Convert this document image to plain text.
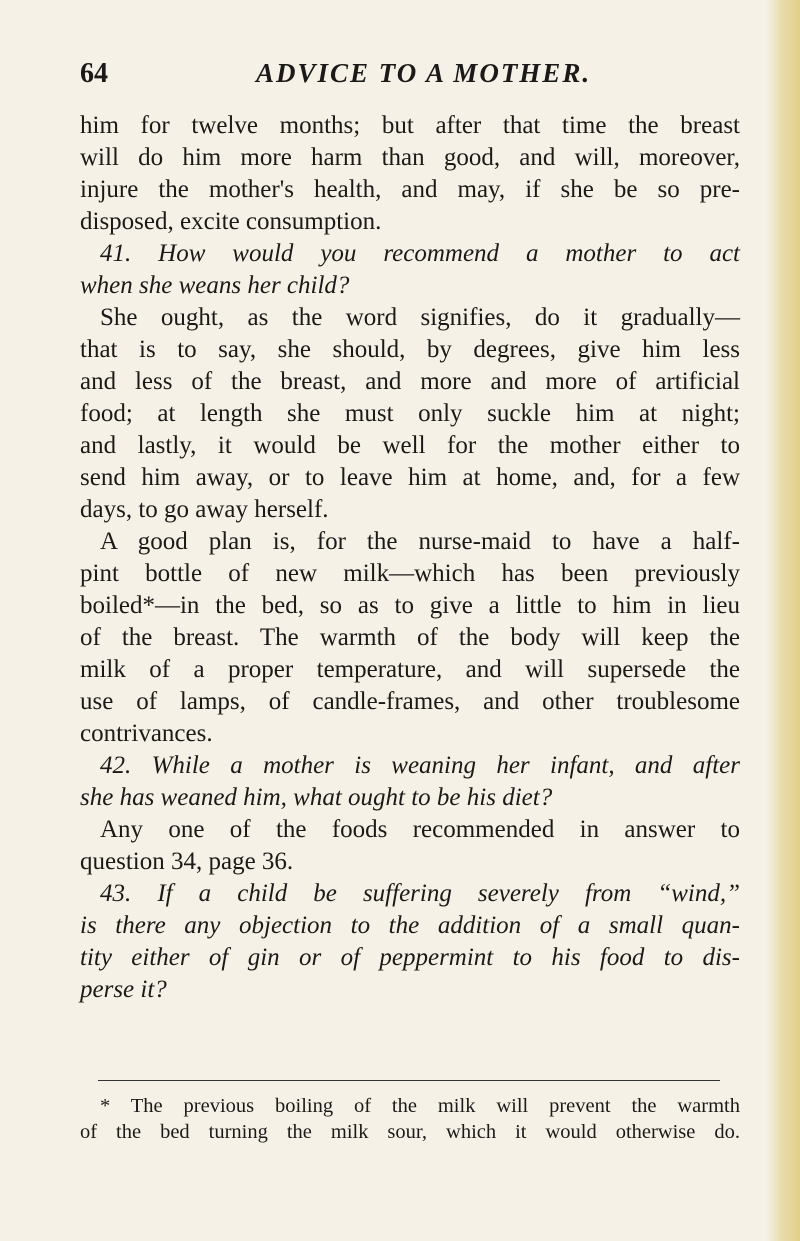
64	ADVICE TO A MOTHER.
him for twelve months; but after that time the breast
will do him more harm than good, and will, moreover,
injure the mother's health, and may, if she be so pre-
disposed, excite consumption.
41. How would you recommend a mother to act
when she weans her child?
She ought, as the word signifies, do it gradually—
that is to say, she should, by degrees, give him less
and less of the breast, and more and more of artificial
food; at length she must only suckle him at night;
and lastly, it would be well for the mother either to
send him away, or to leave him at home, and, for a few
days, to go away herself.
A good plan is, for the nurse-maid to have a half-
pint bottle of new milk—which has been previously
boiled*—in the bed, so as to give a little to him in lieu
of the breast. The warmth of the body will keep the
milk of a proper temperature, and will supersede the
use of lamps, of candle-frames, and other troublesome
contrivances.
42. While a mother is weaning her infant, and after
she has weaned him, what ought to be his diet?
Any one of the foods recommended in answer to
question 34, page 36.
43. If a child be suffering severely from “wind,”
is there any objection to the addition of a small quan-
tity either of gin or of peppermint to his food to dis-
perse it?
* The previous boiling of the milk will prevent the warmth
of the bed turning the milk sour, which it would otherwise do.
